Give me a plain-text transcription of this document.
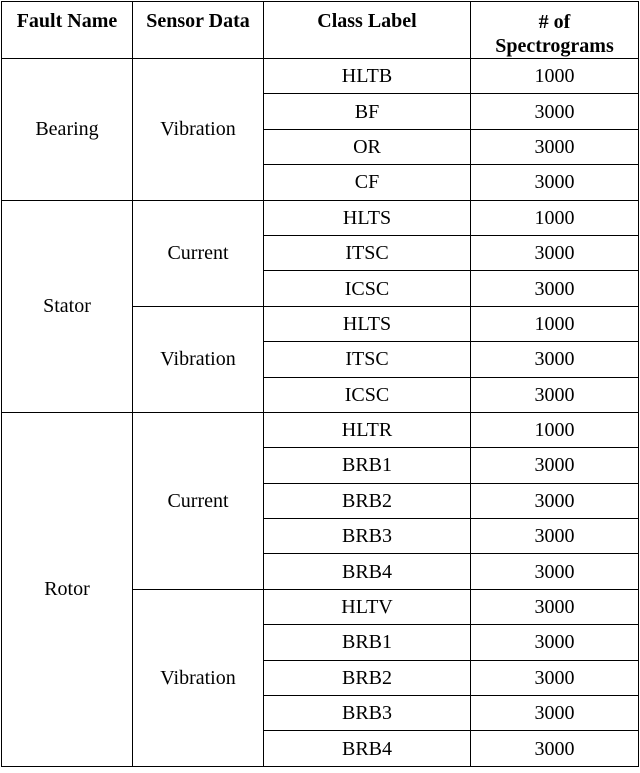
Fault Name	Sensor Data	Class Label	# of
Spectrograms
Bearing	Vibration	HLTB	1000
		BF	3000
		OR	3000
		CF	3000
Stator	Current	HLTS	1000
		ITSC	3000
		ICSC	3000
	Vibration	HLTS	1000
		ITSC	3000
		ICSC	3000
Rotor	Current	HLTR	1000
		BRB1	3000
		BRB2	3000
		BRB3	3000
		BRB4	3000
	Vibration	HLTV	3000
		BRB1	3000
		BRB2	3000
		BRB3	3000
		BRB4	3000
